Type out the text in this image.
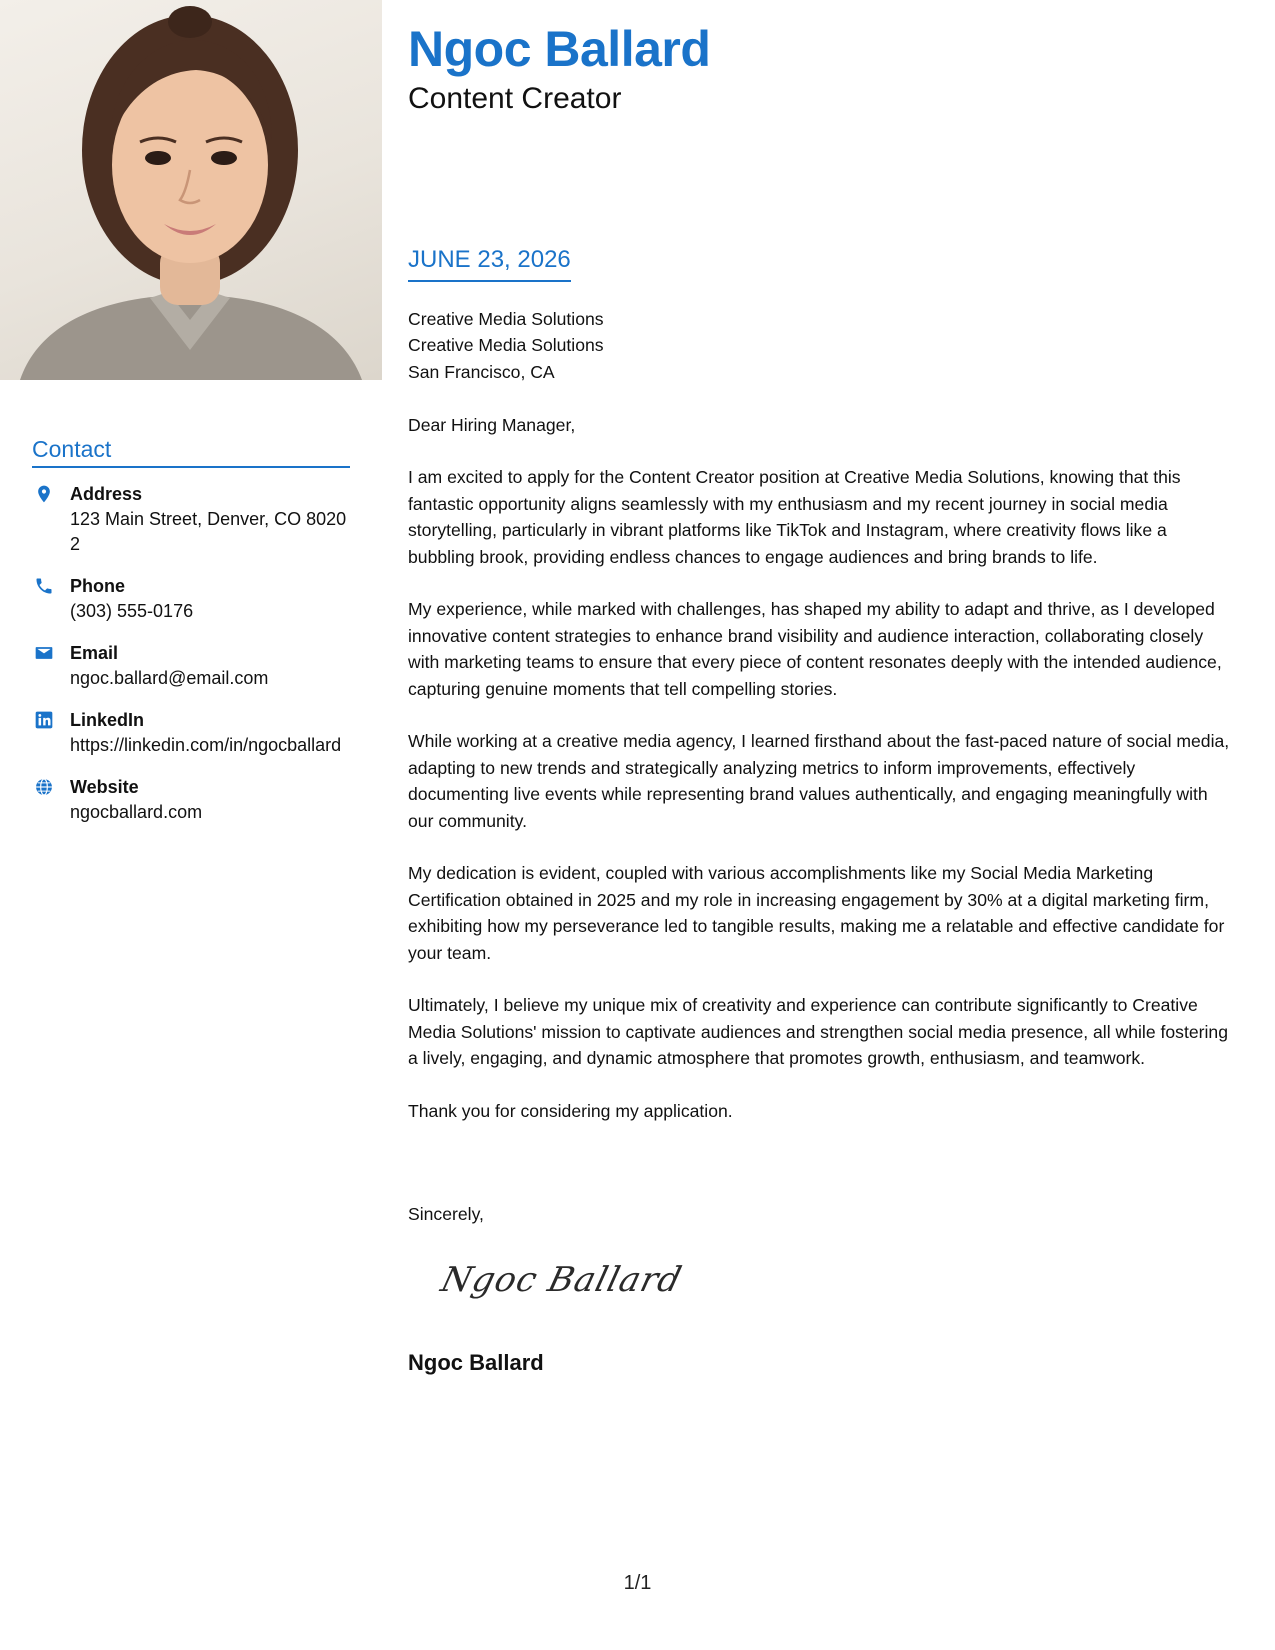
Contact
Address
123 Main Street, Denver, CO 80202
Phone
(303) 555-0176
Email
ngoc.ballard@email.com
LinkedIn
https://linkedin.com/in/ngocballard
Website
ngocballard.com
Ngoc Ballard
Content Creator
JUNE 23, 2026

Creative Media Solutions
Creative Media Solutions
San Francisco, CA

Dear Hiring Manager,

I am excited to apply for the Content Creator position at Creative Media Solutions, knowing that this fantastic opportunity aligns seamlessly with my enthusiasm and my recent journey in social media storytelling, particularly in vibrant platforms like TikTok and Instagram, where creativity flows like a bubbling brook, providing endless chances to engage audiences and bring brands to life.

My experience, while marked with challenges, has shaped my ability to adapt and thrive, as I developed innovative content strategies to enhance brand visibility and audience interaction, collaborating closely with marketing teams to ensure that every piece of content resonates deeply with the intended audience, capturing genuine moments that tell compelling stories.

While working at a creative media agency, I learned firsthand about the fast-paced nature of social media, adapting to new trends and strategically analyzing metrics to inform improvements, effectively documenting live events while representing brand values authentically, and engaging meaningfully with our community.

My dedication is evident, coupled with various accomplishments like my Social Media Marketing Certification obtained in 2025 and my role in increasing engagement by 30% at a digital marketing firm, exhibiting how my perseverance led to tangible results, making me a relatable and effective candidate for your team.

Ultimately, I believe my unique mix of creativity and experience can contribute significantly to Creative Media Solutions' mission to captivate audiences and strengthen social media presence, all while fostering a lively, engaging, and dynamic atmosphere that promotes growth, enthusiasm, and teamwork.

Thank you for considering my application.

Sincerely,
Ngoc Ballard
Ngoc Ballard
1/1
